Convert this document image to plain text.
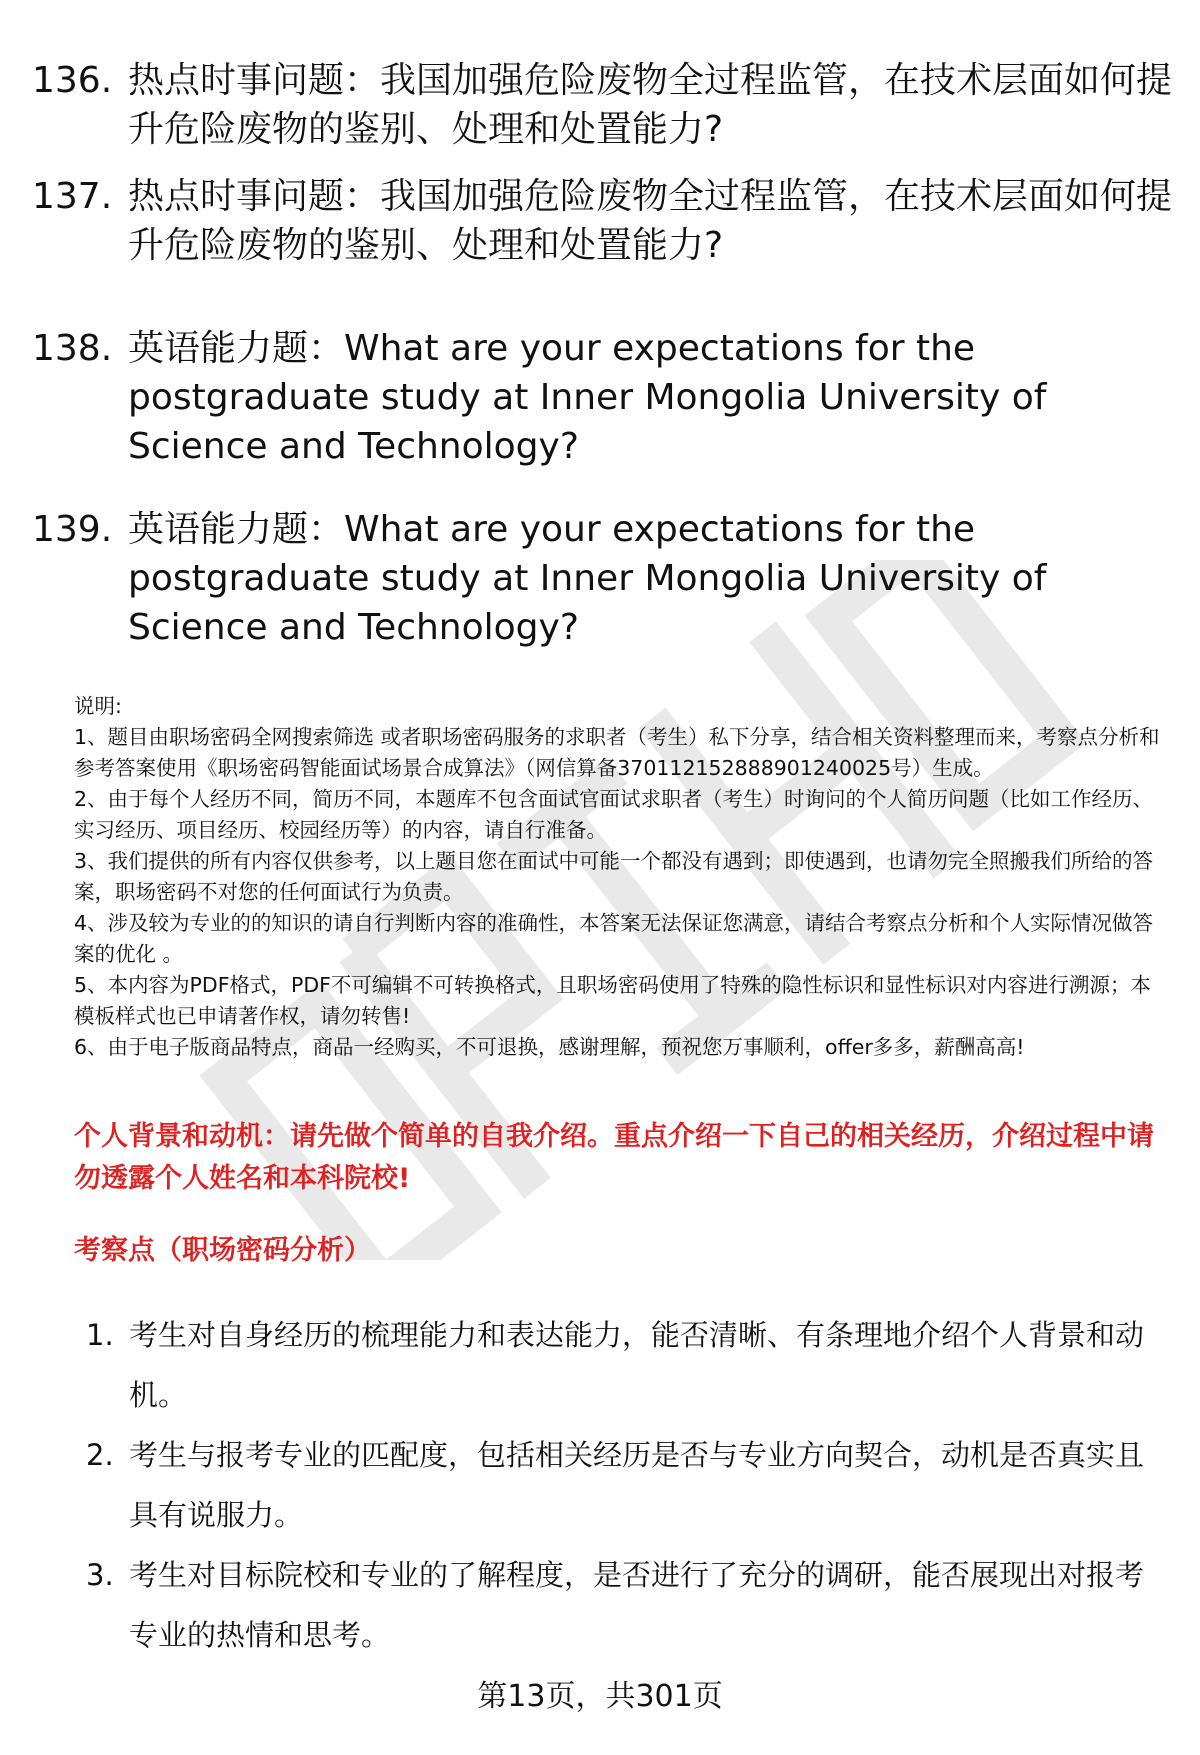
136. 热点时事问题：我国加强危险废物全过程监管，在技术层面如何提升危险废物的鉴别、处理和处置能力?
137. 热点时事问题：我国加强危险废物全过程监管，在技术层面如何提升危险废物的鉴别、处理和处置能力?
138. 英语能力题：What are your expectations for the postgraduate study at Inner Mongolia University of Science and Technology?
139. 英语能力题：What are your expectations for the postgraduate study at Inner Mongolia University of Science and Technology?
说明:
1、题目由职场密码全网搜索筛选 或者职场密码服务的求职者（考生）私下分享，结合相关资料整理而来，考察点分析和参考答案使用《职场密码智能面试场景合成算法》（网信算备370112152888901240025号）生成。
2、由于每个人经历不同，简历不同，本题库不包含面试官面试求职者（考生）时询问的个人简历问题（比如工作经历、实习经历、项目经历、校园经历等）的内容，请自行准备。
3、我们提供的所有内容仅供参考，以上题目您在面试中可能一个都没有遇到；即使遇到，也请勿完全照搬我们所给的答案，职场密码不对您的任何面试行为负责。
4、涉及较为专业的的知识的请自行判断内容的准确性，本答案无法保证您满意，请结合考察点分析和个人实际情况做答案的优化 。
5、本内容为PDF格式，PDF不可编辑不可转换格式，且职场密码使用了特殊的隐性标识和显性标识对内容进行溯源；本模板样式也已申请著作权，请勿转售!
6、由于电子版商品特点，商品一经购买，不可退换，感谢理解，预祝您万事顺利，offer多多，薪酬高高!
个人背景和动机：请先做个简单的自我介绍。重点介绍一下自己的相关经历，介绍过程中请勿透露个人姓名和本科院校!
考察点（职场密码分析）
1. 考生对自身经历的梳理能力和表达能力，能否清晰、有条理地介绍个人背景和动机。
2. 考生与报考专业的匹配度，包括相关经历是否与专业方向契合，动机是否真实且具有说服力。
3. 考生对目标院校和专业的了解程度，是否进行了充分的调研，能否展现出对报考专业的热情和思考。
第13页，共301页
